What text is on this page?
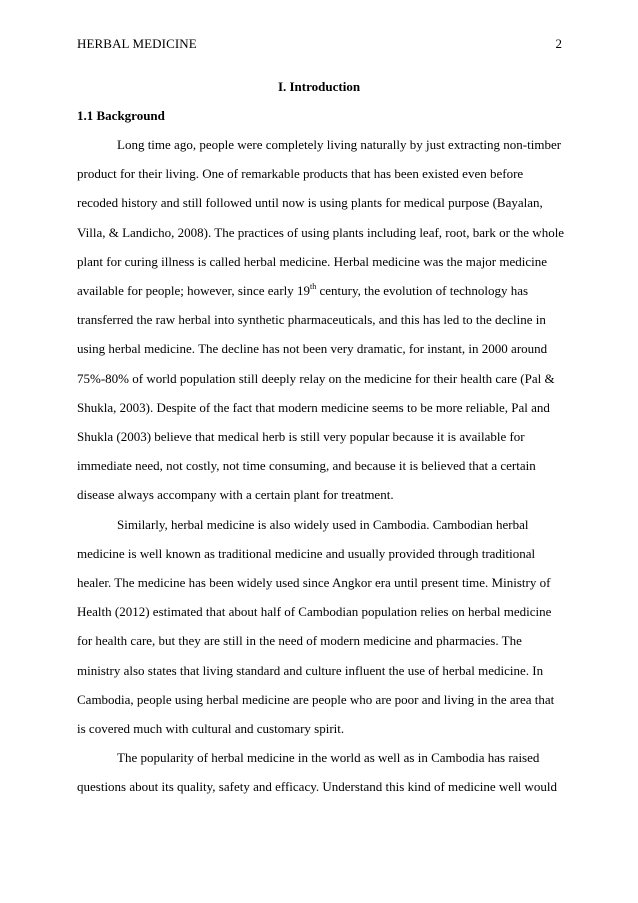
HERBAL MEDICINE	2
I. Introduction
1.1 Background
Long time ago, people were completely living naturally by just extracting non-timber
product for their living. One of remarkable products that has been existed even before
recoded history and still followed until now is using plants for medical purpose (Bayalan,
Villa, & Landicho, 2008). The practices of using plants including leaf, root, bark or the whole
plant for curing illness is called herbal medicine. Herbal medicine was the major medicine
available for people; however, since early 19th century, the evolution of technology has
transferred the raw herbal into synthetic pharmaceuticals, and this has led to the decline in
using herbal medicine. The decline has not been very dramatic, for instant, in 2000 around
75%-80% of world population still deeply relay on the medicine for their health care (Pal &
Shukla, 2003). Despite of the fact that modern medicine seems to be more reliable, Pal and
Shukla (2003) believe that medical herb is still very popular because it is available for
immediate need, not costly, not time consuming, and because it is believed that a certain
disease always accompany with a certain plant for treatment.
Similarly, herbal medicine is also widely used in Cambodia. Cambodian herbal
medicine is well known as traditional medicine and usually provided through traditional
healer. The medicine has been widely used since Angkor era until present time. Ministry of
Health (2012) estimated that about half of Cambodian population relies on herbal medicine
for health care, but they are still in the need of modern medicine and pharmacies. The
ministry also states that living standard and culture influent the use of herbal medicine. In
Cambodia, people using herbal medicine are people who are poor and living in the area that
is covered much with cultural and customary spirit.
The popularity of herbal medicine in the world as well as in Cambodia has raised
questions about its quality, safety and efficacy. Understand this kind of medicine well would
